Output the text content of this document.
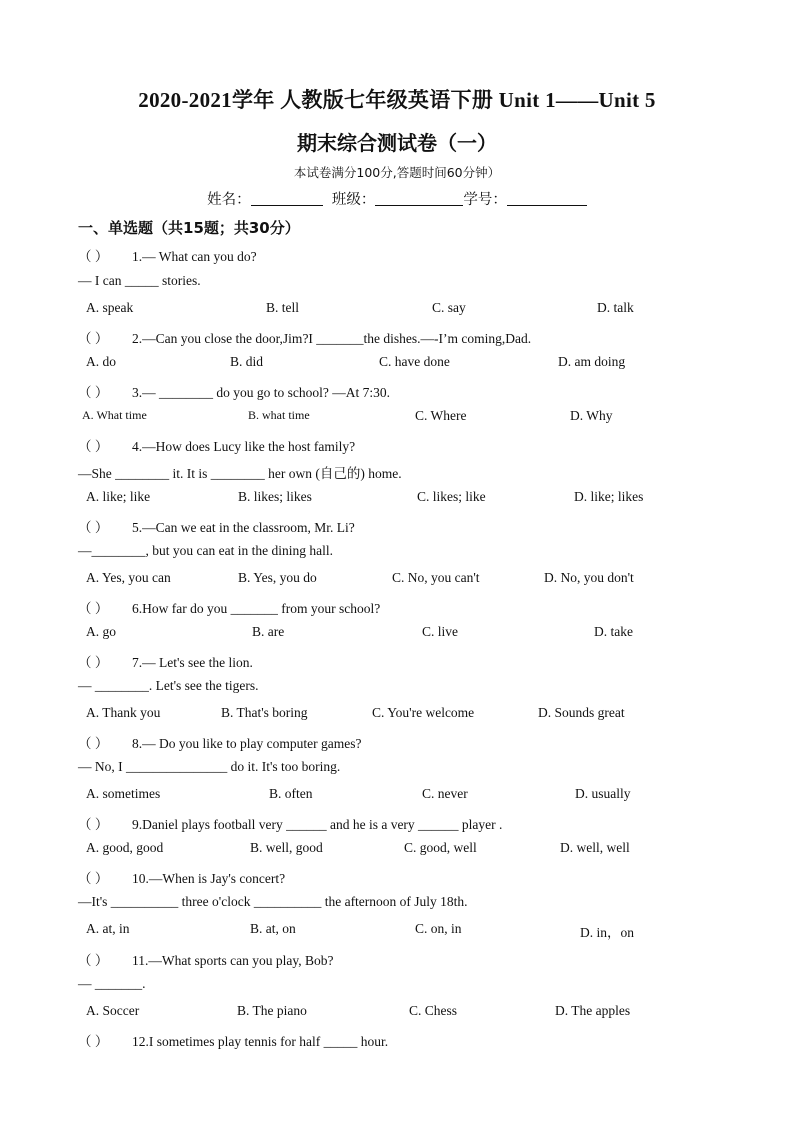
2020-2021学年 人教版七年级英语下册 Unit 1——Unit 5
期末综合测试卷（一）
本试卷满分100分,答题时间60分钟）
姓名：	班级：	学号：
一、单选题（共15题；共30分）
（ ） 1.— What can you do?
— I can _____ stories.
A. speak	B. tell	C. say	D. talk
（ ） 2.—Can you close the door,Jim?I _______the dishes.—-I’m coming,Dad.
A. do	B. did	C. have done	D. am doing
（ ） 3.— ________ do you go to school? —At 7:30.
A. What time	B. what time	C. Where	D. Why
（ ） 4.—How does Lucy like the host family?
—She ________ it. It is ________ her own (自己的) home.
A. like; like	B. likes; likes	C. likes; like	D. like; likes
（ ） 5.—Can we eat in the classroom, Mr. Li?
—________, but you can eat in the dining hall.
A. Yes, you can	B. Yes, you do	C. No, you can't	D. No, you don't
（ ） 6.How far do you _______ from your school?
A. go	B. are	C. live	D. take
（ ） 7.— Let's see the lion.
— ________. Let's see the tigers.
A. Thank you	B. That's boring	C. You're welcome	D. Sounds great
（ ） 8.— Do you like to play computer games?
— No, I _______________ do it. It's too boring.
A. sometimes	B. often	C. never	D. usually
（ ） 9.Daniel plays football very ______ and he is a very ______ player .
A. good, good	B. well, good	C. good, well	D. well, well
（ ） 10.—When is Jay's concert?
—It's __________ three o'clock __________ the afternoon of July 18th.
A. at, in	B. at, on	C. on, in	D. in，on
（ ） 11.—What sports can you play, Bob?
— _______.
A. Soccer	B. The piano	C. Chess	D. The apples
（ ） 12.I sometimes play tennis for half _____ hour.
